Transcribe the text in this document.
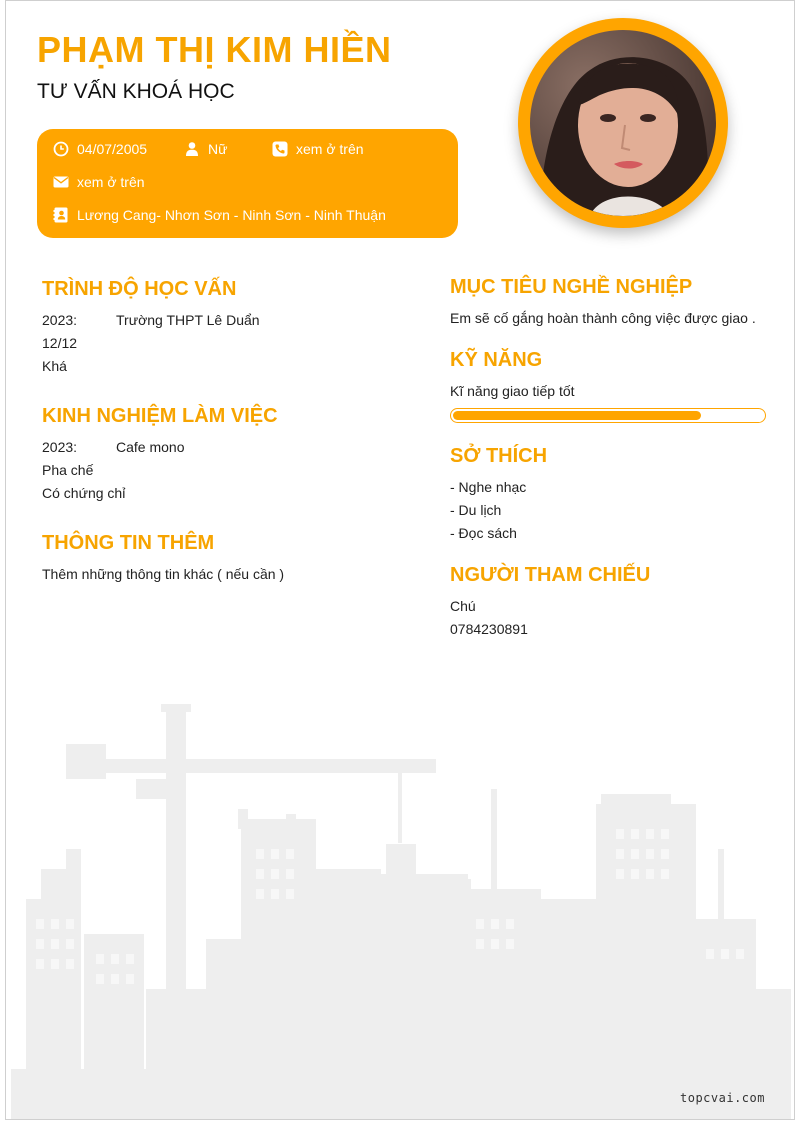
PHẠM THỊ KIM HIỀN
TƯ VẤN KHOÁ HỌC
04/07/2005	Nữ	xem ở trên
xem ở trên
Lương Cang- Nhơn Sơn - Ninh Sơn - Ninh Thuận
TRÌNH ĐỘ HỌC VẤN
2023:	Trường THPT Lê Duẩn
12/12
Khá
KINH NGHIỆM LÀM VIỆC
2023:	Cafe mono
Pha chế
Có chứng chỉ
THÔNG TIN THÊM
Thêm những thông tin khác ( nếu cần )
MỤC TIÊU NGHỀ NGHIỆP
Em sẽ cố gắng hoàn thành công việc được giao .
KỸ NĂNG
Kĩ năng giao tiếp tốt
SỞ THÍCH
- Nghe nhạc
- Du lịch
- Đọc sách
NGƯỜI THAM CHIẾU
Chú
0784230891
topcvai.com
